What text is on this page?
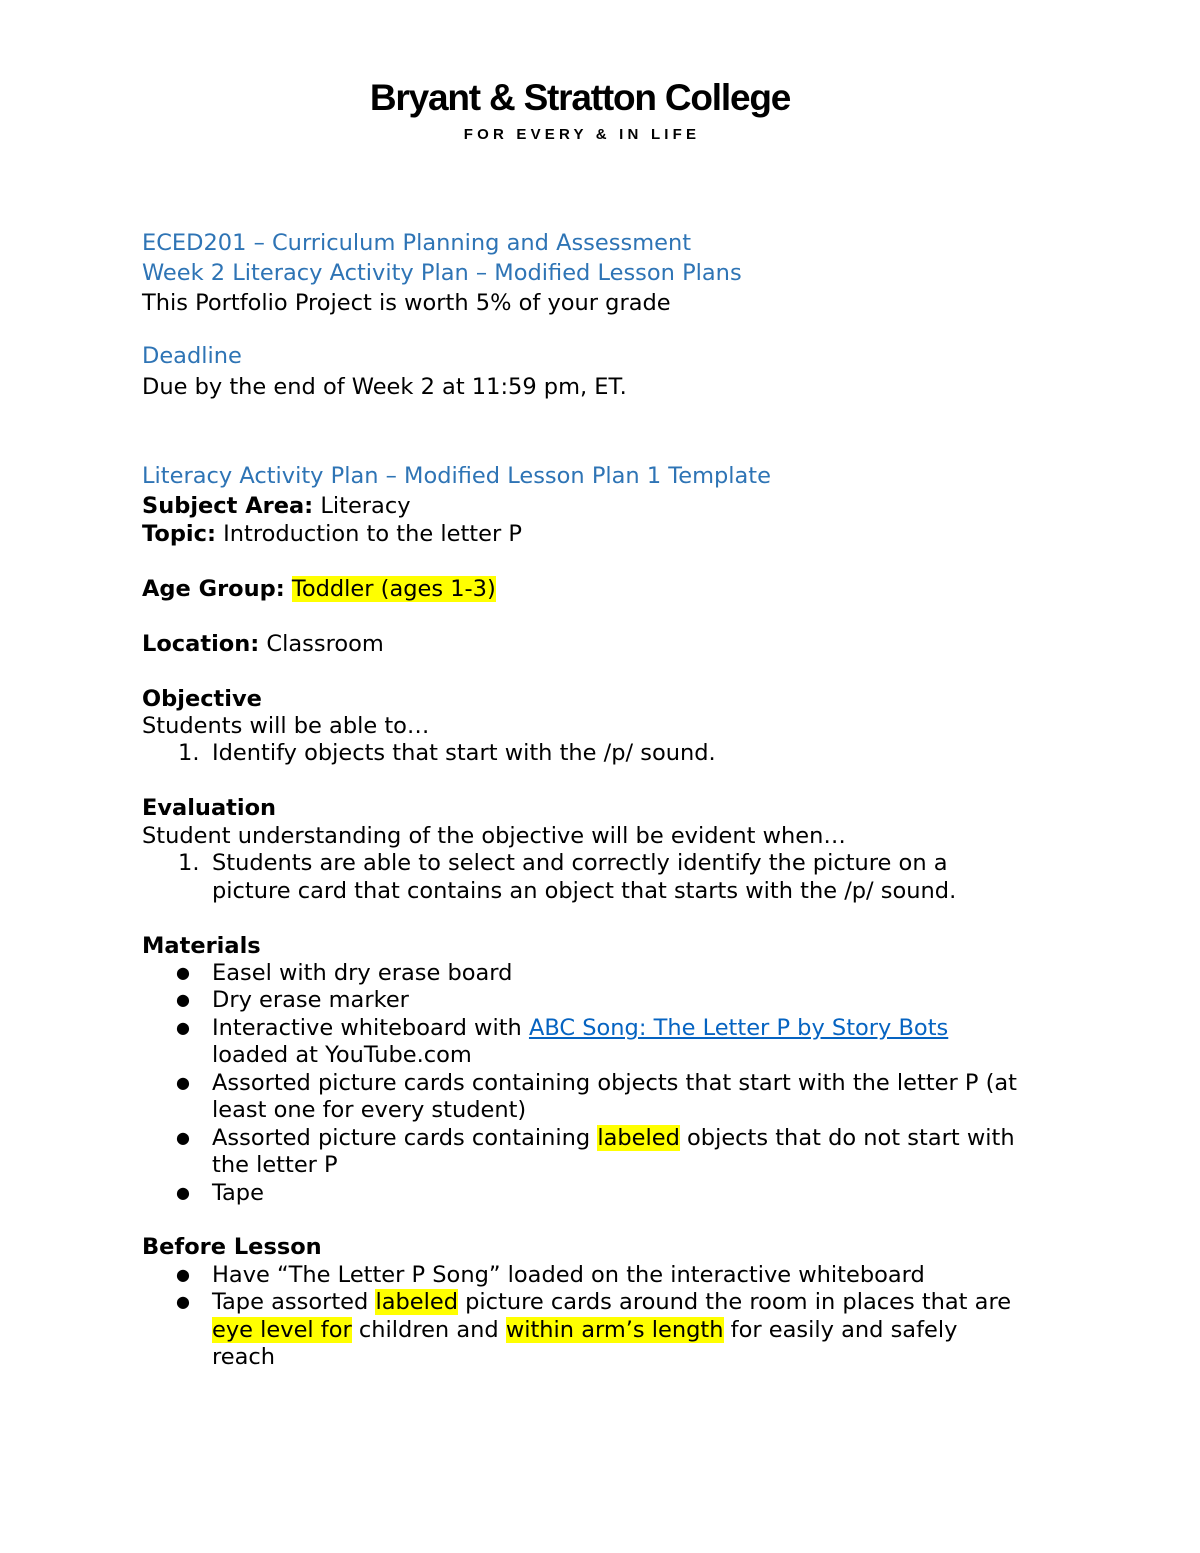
Bryant & Stratton College
FOR EVERY & IN LIFE
ECED201 – Curriculum Planning and Assessment
Week 2 Literacy Activity Plan – Modified Lesson Plans
This Portfolio Project is worth 5% of your grade
Deadline
Due by the end of Week 2 at 11:59 pm, ET.
Literacy Activity Plan – Modified Lesson Plan 1 Template
Subject Area: Literacy
Topic: Introduction to the letter P
Age Group: Toddler (ages 1-3)
Location: Classroom
Objective
Students will be able to…
1. Identify objects that start with the /p/ sound.
Evaluation
Student understanding of the objective will be evident when…
1. Students are able to select and correctly identify the picture on a
picture card that contains an object that starts with the /p/ sound.
Materials
● Easel with dry erase board
● Dry erase marker
● Interactive whiteboard with ABC Song: The Letter P by Story Bots
loaded at YouTube.com
● Assorted picture cards containing objects that start with the letter P (at
least one for every student)
● Assorted picture cards containing labeled objects that do not start with
the letter P
● Tape
Before Lesson
● Have “The Letter P Song” loaded on the interactive whiteboard
● Tape assorted labeled picture cards around the room in places that are
eye level for children and within arm’s length for easily and safely
reach
